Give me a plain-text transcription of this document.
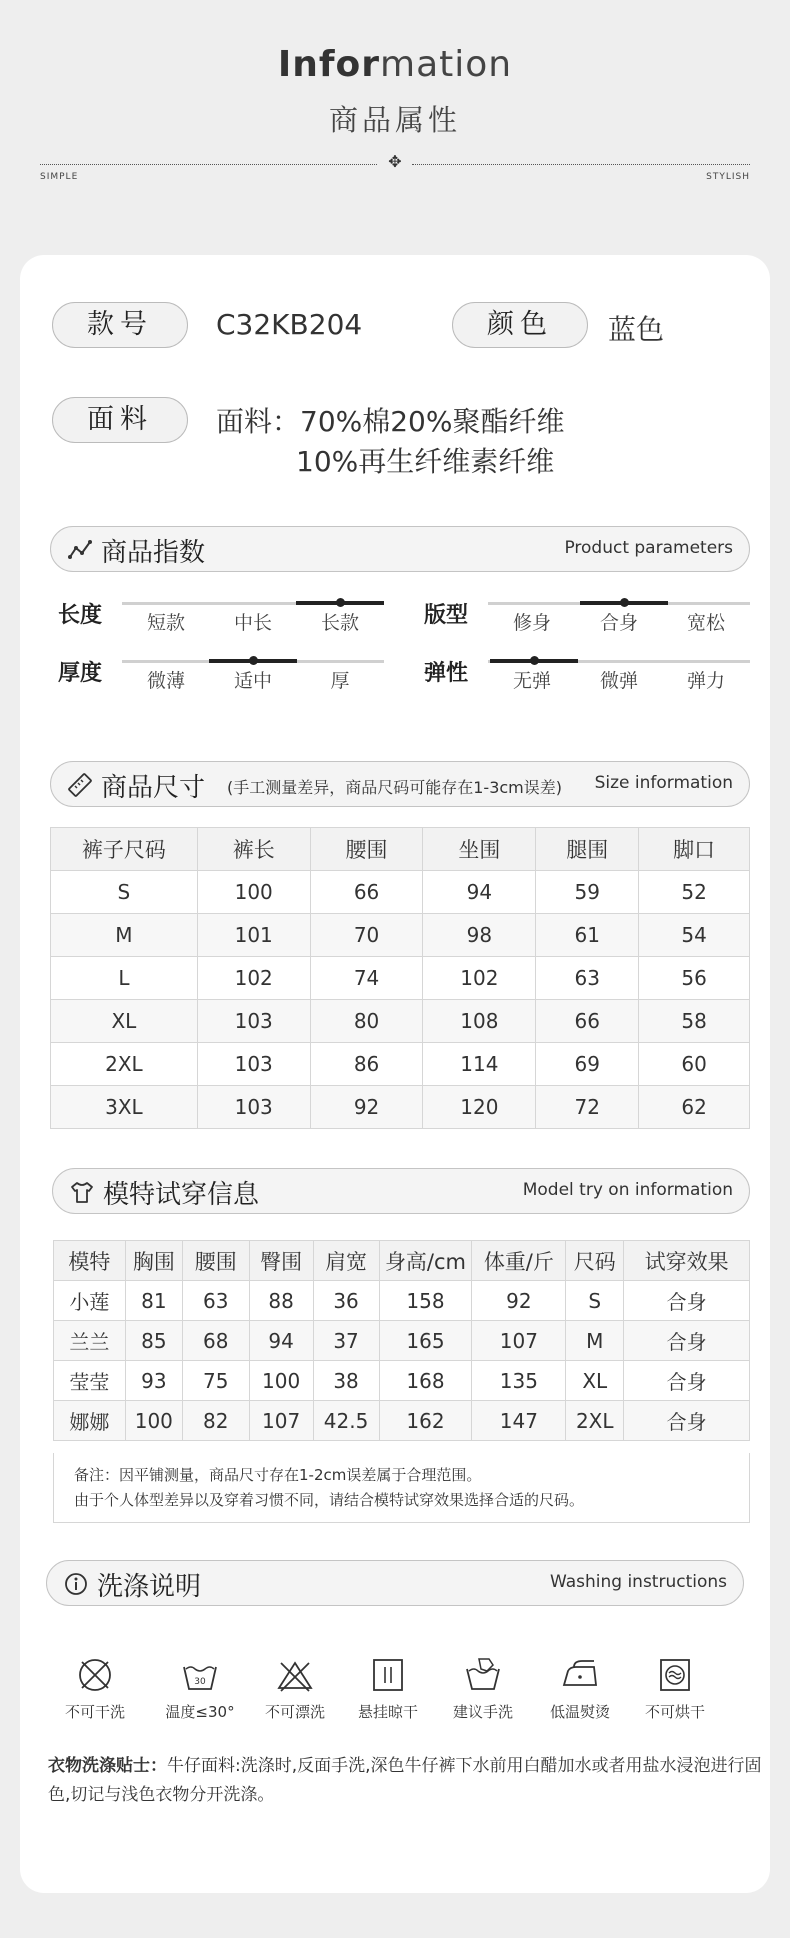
Information
商品属性
✥
SIMPLE	STYLISH
款号	C32KB204	颜色	蓝色
面料	面料：70%棉20%聚酯纤维
10%再生纤维素纤维
商品指数	Product parameters
长度	短款	中长	长款	版型	修身	合身	宽松
厚度	微薄	适中	厚	弹性	无弹	微弹	弹力
商品尺寸 (手工测量差异，商品尺码可能存在1-3cm误差) Size information
裤子尺码	裤长	腰围	坐围	腿围	脚口
S	100	66	94	59	52
M	101	70	98	61	54
L	102	74	102	63	56
XL	103	80	108	66	58
2XL	103	86	114	69	60
3XL	103	92	120	72	62
模特试穿信息	Model try on information
模特	胸围	腰围	臀围	肩宽	身高/cm	体重/斤	尺码	试穿效果
小莲	81	63	88	36	158	92	S	合身
兰兰	85	68	94	37	165	107	M	合身
莹莹	93	75	100	38	168	135	XL	合身
娜娜	100	82	107	42.5	162	147	2XL	合身
备注：因平铺测量，商品尺寸存在1-2cm误差属于合理范围。
由于个人体型差异以及穿着习惯不同，请结合模特试穿效果选择合适的尺码。
洗涤说明	Washing instructions
不可干洗
30
温度≤30°	不可漂洗	悬挂晾干	建议手洗	低温熨烫	不可烘干
衣物洗涤贴士：牛仔面料:洗涤时,反面手洗,深色牛仔裤下水前用白醋加水或者用盐水浸泡进行固色,切记与浅色衣物分开洗涤。
